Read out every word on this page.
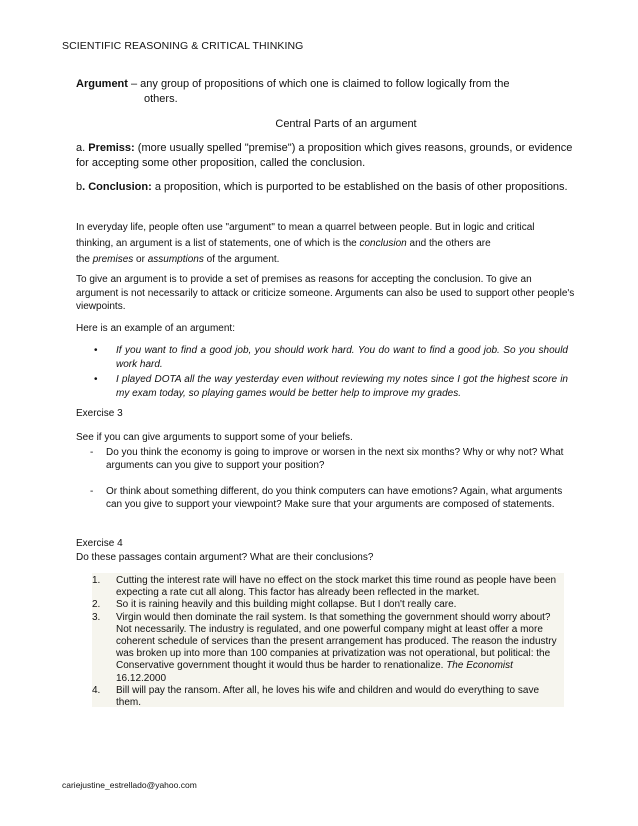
SCIENTIFIC REASONING & CRITICAL THINKING
Argument – any group of propositions of which one is claimed to follow logically from the
others.
Central Parts of an argument
a. Premiss: (more usually spelled "premise") a proposition which gives reasons, grounds, or evidence for accepting some other proposition, called the conclusion.
b. Conclusion: a proposition, which is purported to be established on the basis of other propositions.
In everyday life, people often use "argument" to mean a quarrel between people. But in logic and critical
thinking, an argument is a list of statements, one of which is the conclusion and the others are
the premises or assumptions of the argument.
To give an argument is to provide a set of premises as reasons for accepting the conclusion. To give an argument is not necessarily to attack or criticize someone. Arguments can also be used to support other people's viewpoints.
Here is an example of an argument:
• If you want to find a good job, you should work hard. You do want to find a good job. So you should work hard.
• I played DOTA all the way yesterday even without reviewing my notes since I got the highest score in my exam today, so playing games would be better help to improve my grades.
Exercise 3
See if you can give arguments to support some of your beliefs.
- Do you think the economy is going to improve or worsen in the next six months? Why or why not? What arguments can you give to support your position?
- Or think about something different, do you think computers can have emotions? Again, what arguments can you give to support your viewpoint? Make sure that your arguments are composed of statements.
Exercise 4
Do these passages contain argument? What are their conclusions?
1. Cutting the interest rate will have no effect on the stock market this time round as people have been expecting a rate cut all along. This factor has already been reflected in the market.
2. So it is raining heavily and this building might collapse. But I don't really care.
3. Virgin would then dominate the rail system. Is that something the government should worry about? Not necessarily. The industry is regulated, and one powerful company might at least offer a more coherent schedule of services than the present arrangement has produced. The reason the industry was broken up into more than 100 companies at privatization was not operational, but political: the Conservative government thought it would thus be harder to renationalize. The Economist 16.12.2000
4. Bill will pay the ransom. After all, he loves his wife and children and would do everything to save them.
cariejustine_estrellado@yahoo.com
